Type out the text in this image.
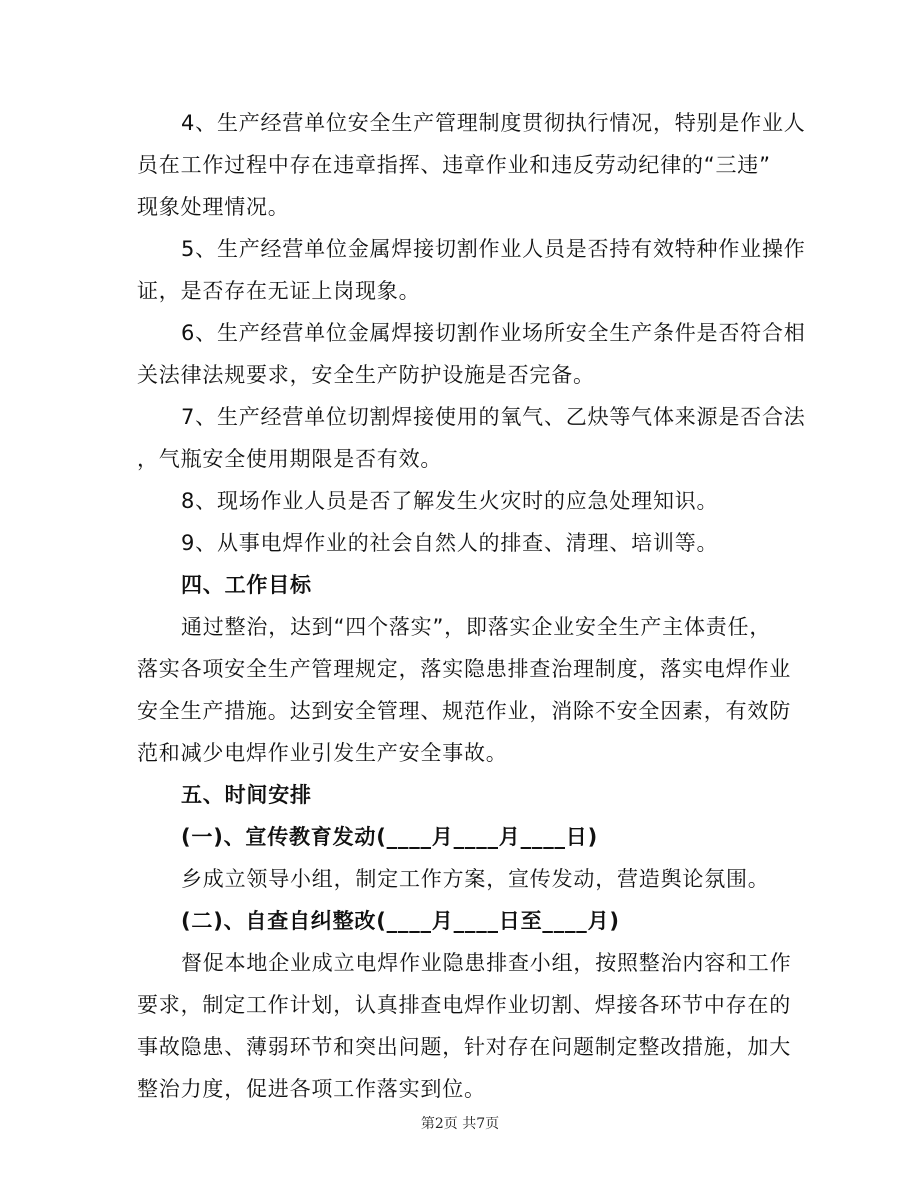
4、生产经营单位安全生产管理制度贯彻执行情况，特别是作业人
员在工作过程中存在违章指挥、违章作业和违反劳动纪律的“三违”
现象处理情况。
5、生产经营单位金属焊接切割作业人员是否持有效特种作业操作
证，是否存在无证上岗现象。
6、生产经营单位金属焊接切割作业场所安全生产条件是否符合相
关法律法规要求，安全生产防护设施是否完备。
7、生产经营单位切割焊接使用的氧气、乙炔等气体来源是否合法
，气瓶安全使用期限是否有效。
8、现场作业人员是否了解发生火灾时的应急处理知识。
9、从事电焊作业的社会自然人的排查、清理、培训等。
四、工作目标
通过整治，达到“四个落实”，即落实企业安全生产主体责任，
落实各项安全生产管理规定，落实隐患排查治理制度，落实电焊作业
安全生产措施。达到安全管理、规范作业，消除不安全因素，有效防
范和减少电焊作业引发生产安全事故。
五、时间安排
(一)、宣传教育发动(____月____月____日)
乡成立领导小组，制定工作方案，宣传发动，营造舆论氛围。
(二)、自查自纠整改(____月____日至____月)
督促本地企业成立电焊作业隐患排查小组，按照整治内容和工作
要求，制定工作计划，认真排查电焊作业切割、焊接各环节中存在的
事故隐患、薄弱环节和突出问题，针对存在问题制定整改措施，加大
整治力度，促进各项工作落实到位。
第2页 共7页
